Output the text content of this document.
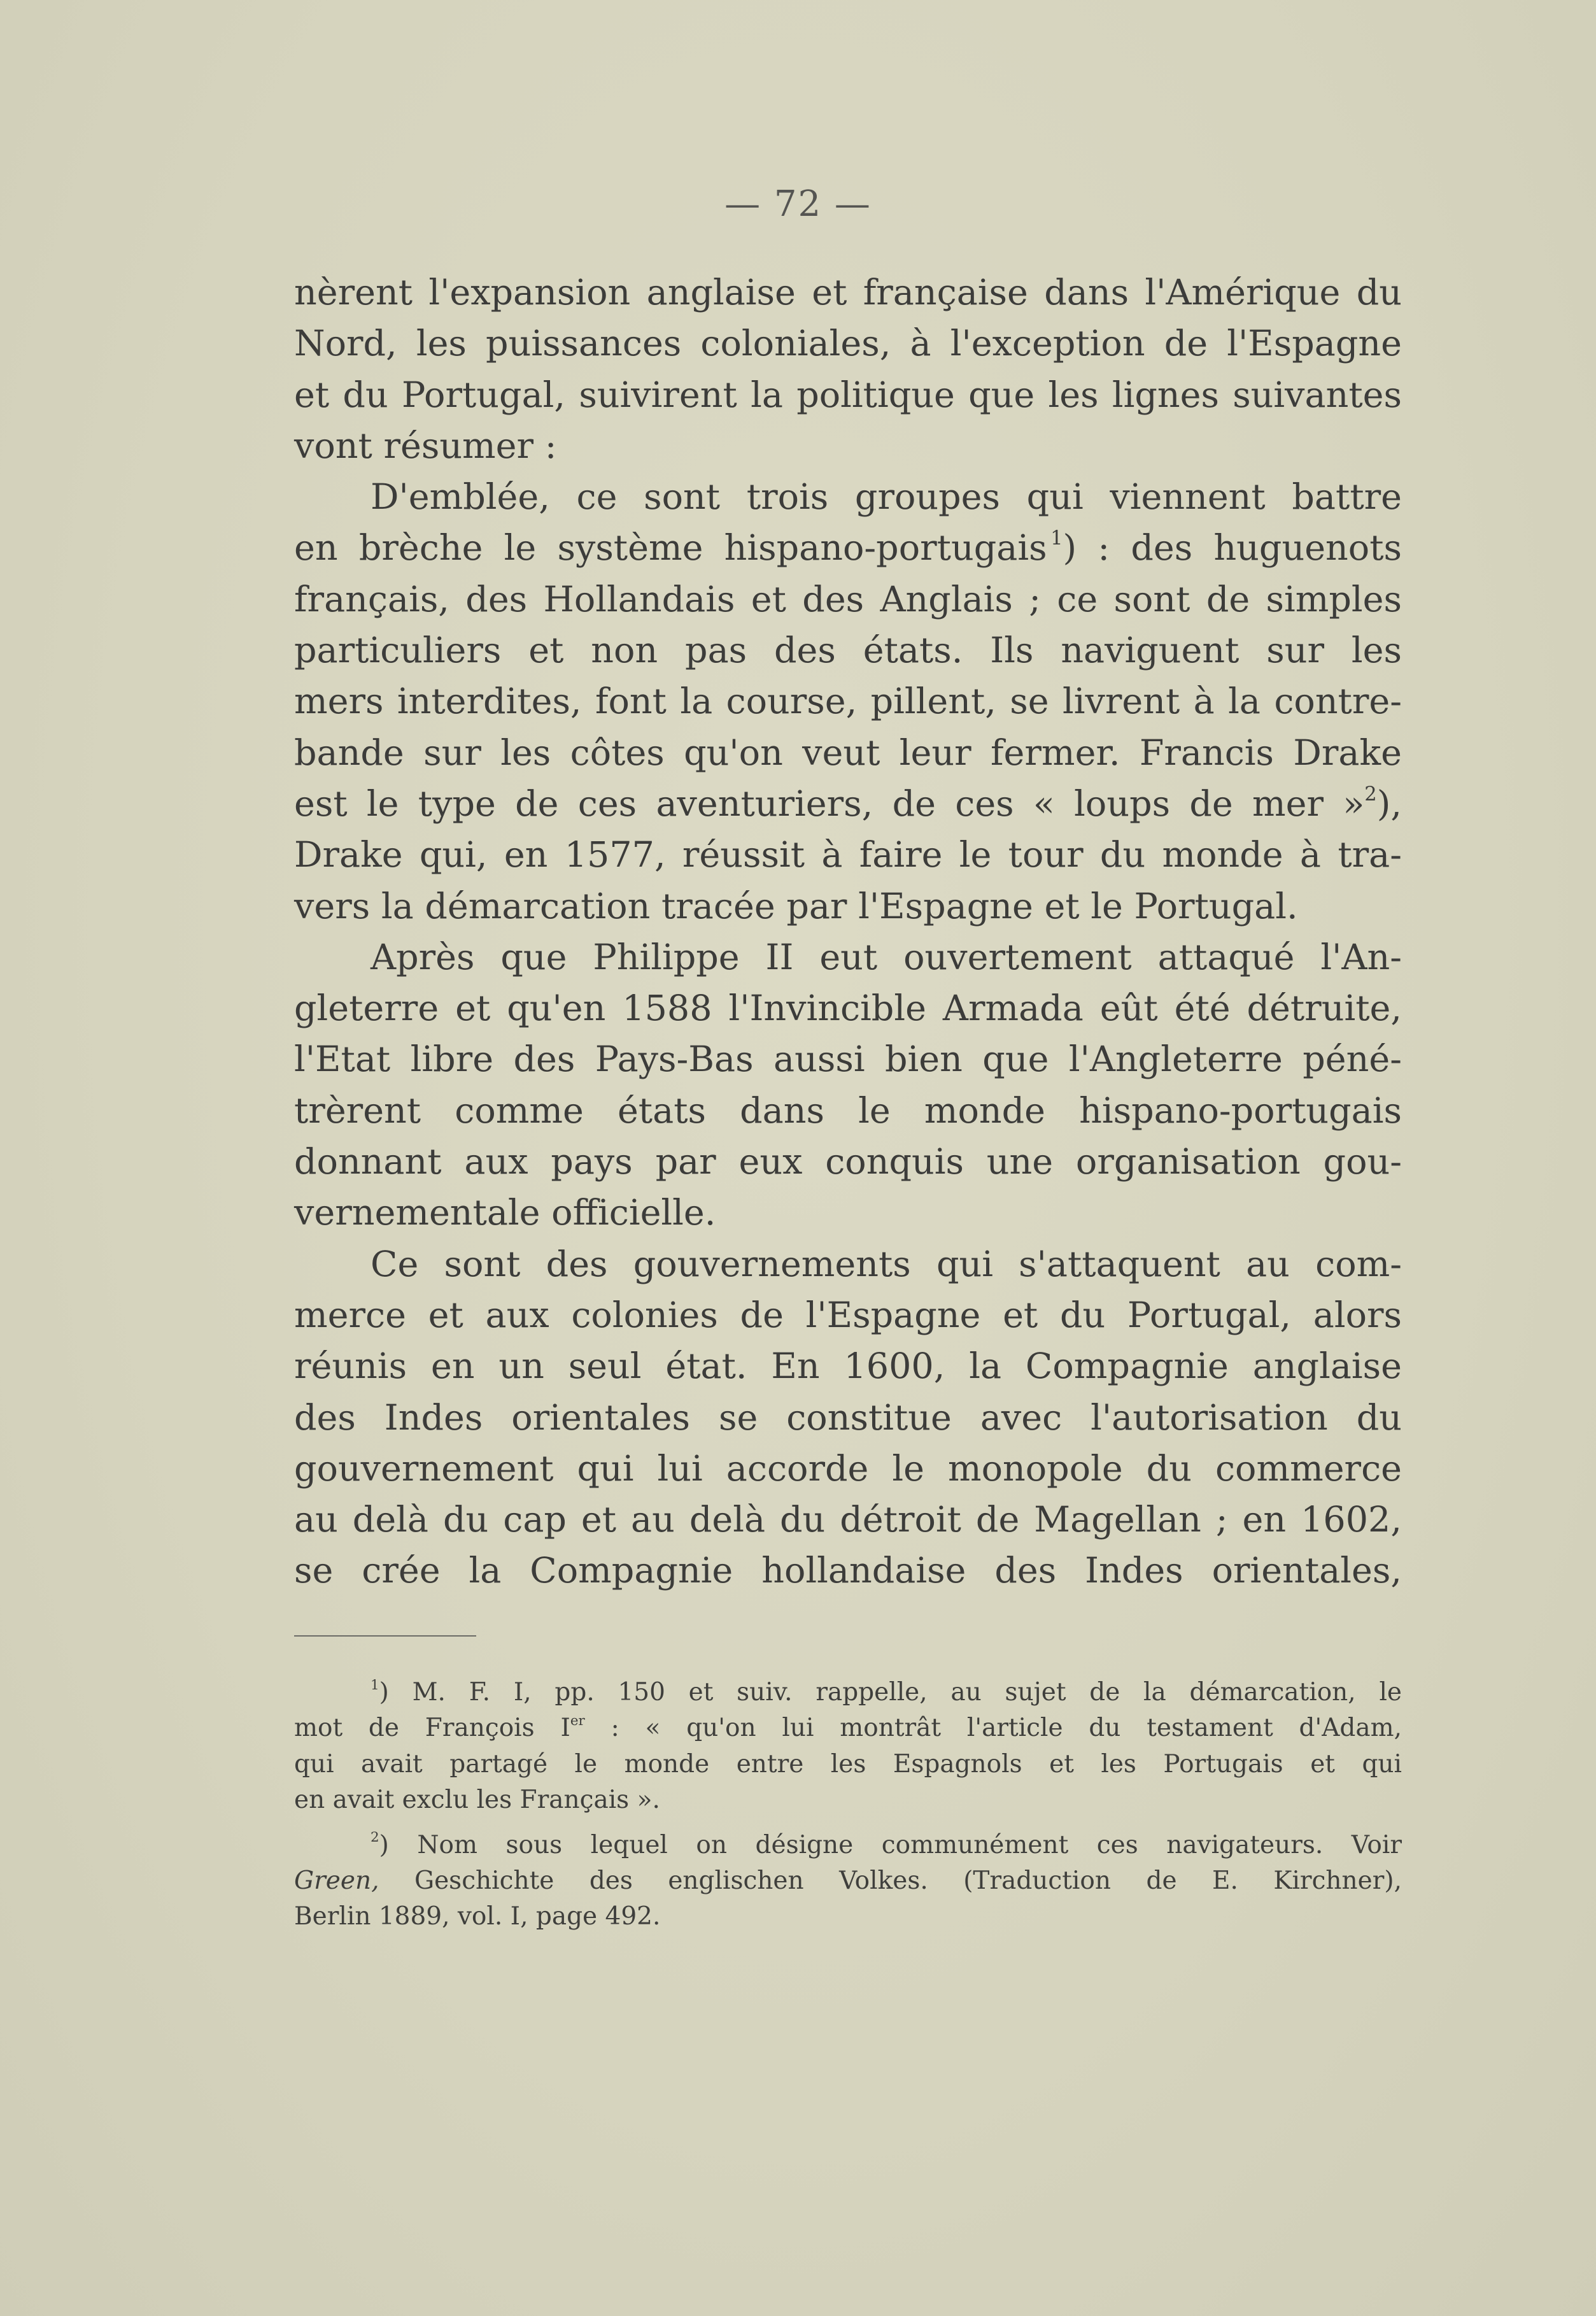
— 72 —
nèrent l'expansion anglaise et française dans l'Amérique du
Nord, les puissances coloniales, à l'exception de l'Espagne
et du Portugal, suivirent la politique que les lignes suivantes
vont résumer :
D'emblée, ce sont trois groupes qui viennent battre
en brèche le système hispano-portugais  $^1$) : des huguenots
français, des Hollandais et des Anglais ; ce sont de simples
particuliers et non pas des états. Ils naviguent sur les
mers interdites, font la course, pillent, se livrent à la contre-
bande sur les côtes qu'on veut leur fermer. Francis Drake
est le type de ces aventuriers, de ces « loups de mer »$^2$),
Drake qui, en 1577, réussit à faire le tour du monde à tra-
vers la démarcation tracée par l'Espagne et le Portugal.
Après que Philippe II eut ouvertement attaqué l'An-
gleterre et qu'en 1588 l'Invincible Armada eût été détruite,
l'Etat libre des Pays-Bas aussi bien que l'Angleterre péné-
trèrent comme états dans le monde hispano-portugais
donnant aux pays par eux conquis une organisation gou-
vernementale officielle.
Ce sont des gouvernements qui s'attaquent au com-
merce et aux colonies de l'Espagne et du Portugal, alors
réunis en un seul état. En 1600, la Compagnie anglaise
des Indes orientales se constitue avec l'autorisation du
gouvernement qui lui accorde le monopole du commerce
au delà du cap et au delà du détroit de Magellan ; en 1602,
se crée la Compagnie hollandaise des Indes orientales,
$^1$) M. F. I, pp. 150 et suiv. rappelle, au sujet de la démarcation, le
mot de François Ier : « qu'on lui montrât l'article du testament d'Adam,
qui avait partagé le monde entre les Espagnols et les Portugais et qui
en avait exclu les Français ».
$^2$) Nom sous lequel on désigne communément ces navigateurs. Voir
Green, Geschichte des englischen Volkes. (Traduction de E. Kirchner),
Berlin 1889, vol. I, page 492.
